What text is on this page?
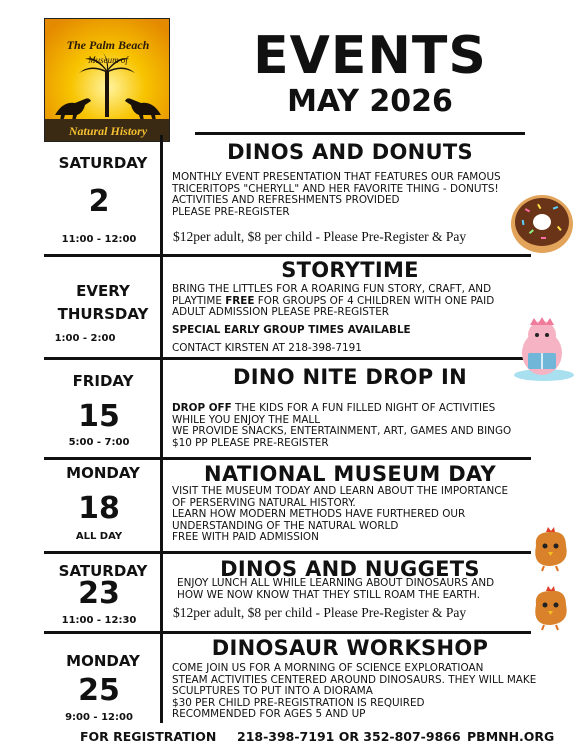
The Palm Beach
Museum of
Natural History
EVENTS
MAY 2026
SATURDAY
2
11:00 - 12:00
DINOS AND DONUTS
MONTHLY EVENT PRESENTATION THAT FEATURES OUR FAMOUS
TRICERITOPS "CHERYLL" AND HER FAVORITE THING - DONUTS!
ACTIVITIES AND REFRESHMENTS PROVIDED
PLEASE PRE-REGISTER
$12per adult, $8 per child - Please Pre-Register & Pay
EVERY
THURSDAY
1:00 - 2:00
STORYTIME
BRING THE LITTLES FOR A ROARING FUN STORY, CRAFT, AND
PLAYTIME FREE FOR GROUPS OF 4 CHILDREN WITH ONE PAID
ADULT ADMISSION PLEASE PRE-REGISTER
SPECIAL EARLY GROUP TIMES AVAILABLE
CONTACT KIRSTEN AT 218-398-7191
FRIDAY
15
5:00 - 7:00
DINO NITE DROP IN
DROP OFF THE KIDS FOR A FUN FILLED NIGHT OF ACTIVITIES
WHILE YOU ENJOY THE MALL
WE PROVIDE SNACKS, ENTERTAINMENT, ART, GAMES AND BINGO
$10 PP PLEASE PRE-REGISTER
MONDAY
18
ALL DAY
NATIONAL MUSEUM DAY
VISIT THE MUSEUM TODAY AND LEARN ABOUT THE IMPORTANCE
OF PERSERVING NATURAL HISTORY.
LEARN HOW MODERN METHODS HAVE FURTHERED OUR
UNDERSTANDING OF THE NATURAL WORLD
FREE WITH PAID ADMISSION
SATURDAY
23
11:00 - 12:30
DINOS AND NUGGETS
ENJOY LUNCH ALL WHILE LEARNING ABOUT DINOSAURS AND
HOW WE NOW KNOW THAT THEY STILL ROAM THE EARTH.
$12per adult, $8 per child - Please Pre-Register & Pay
MONDAY
25
9:00 - 12:00
DINOSAUR WORKSHOP
COME JOIN US FOR A MORNING OF SCIENCE EXPLORATIOAN
STEAM ACTIVITIES CENTERED AROUND DINOSAURS. THEY WILL MAKE
SCULPTURES TO PUT INTO A DIORAMA
$30 PER CHILD PRE-REGISTRATION IS REQUIRED
RECOMMENDED FOR AGES 5 AND UP
FOR REGISTRATION 218-398-7191 OR 352-807-9866 PBMNH.ORG
